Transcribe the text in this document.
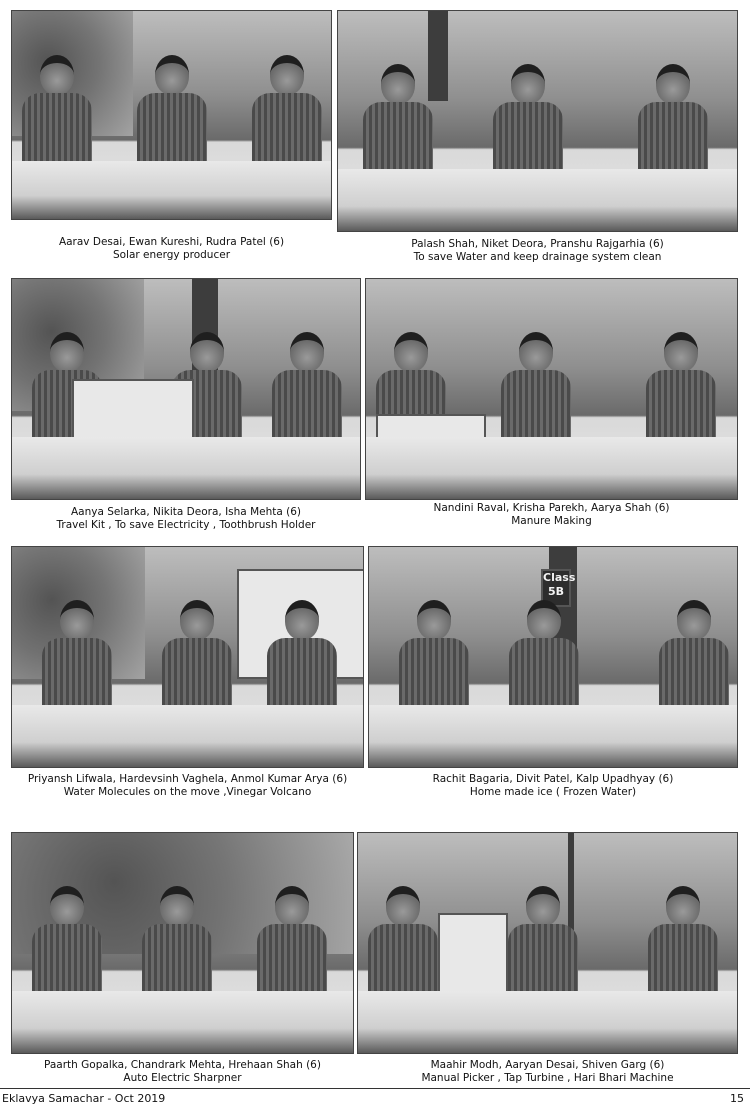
Aarav Desai, Ewan Kureshi, Rudra Patel (6)
Solar energy producer
Palash Shah, Niket Deora, Pranshu Rajgarhia (6)
To save Water and keep drainage system clean
Aanya Selarka, Nikita Deora, Isha Mehta (6)
Travel Kit , To save Electricity , Toothbrush Holder
Nandini Raval, Krisha Parekh, Aarya Shah (6)
Manure Making
Priyansh Lifwala, Hardevsinh Vaghela, Anmol Kumar Arya (6)
Water Molecules on the move ,Vinegar Volcano
Class
5B
Rachit Bagaria, Divit Patel, Kalp Upadhyay (6)
Home made ice ( Frozen Water)
Paarth Gopalka, Chandrark Mehta, Hrehaan Shah (6)
Auto Electric Sharpner
Maahir Modh, Aaryan Desai, Shiven Garg (6)
Manual Picker , Tap Turbine , Hari Bhari Machine
Eklavya Samachar - Oct 2019	15
